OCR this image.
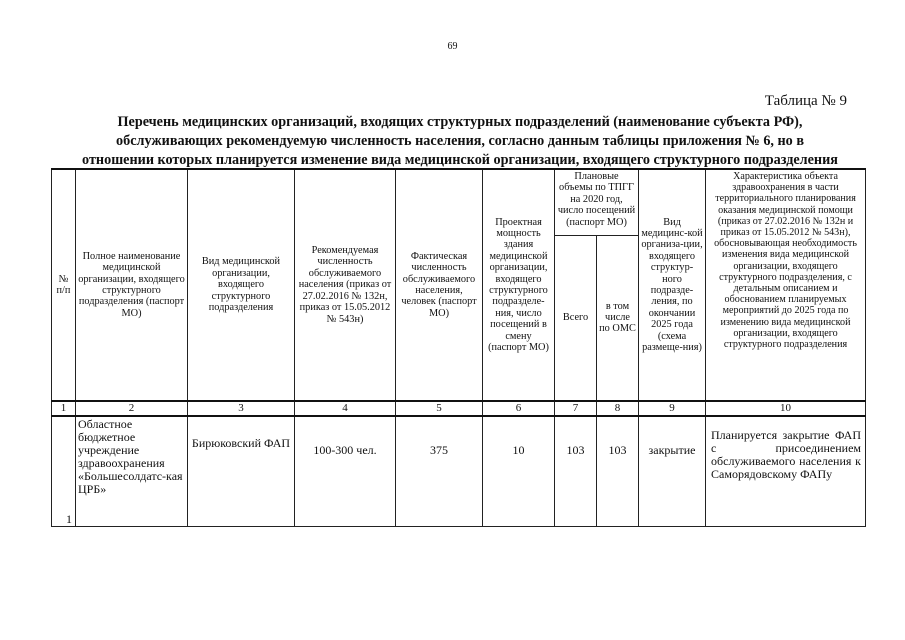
69
Таблица № 9
Перечень медицинских организаций, входящих структурных подразделений (наименование субъекта РФ),
обслуживающих рекомендуемую численность населения, согласно данным таблицы приложения № 6, но в
отношении которых планируется изменение вида медицинской организации, входящего структурного подразделения
№ п/п	Полное наименование медицинской организации, входящего структурного подразделения (паспорт МО)	Вид медицинской организации, входящего структурного подразделения	Рекомендуемая численность обслуживаемого населения (приказ от 27.02.2016 № 132н, приказ от 15.05.2012 № 543н)	Фактическая численность обслуживаемого населения, человек (паспорт МО)	Проектная мощность здания медицинской организации, входящего структурного подразделе-ния, число посещений в смену (паспорт МО)	Плановые объемы по ТПГГ на 2020 год, число посещений (паспорт МО)		Вид медицинс-кой организа-ции, входящего структур-ного подразде-ления, по окончании 2025 года (схема размеще-ния)	Характеристика объекта здравоохранения в части территориального планирования оказания медицинской помощи (приказ от 27.02.2016 № 132н и приказ от 15.05.2012 № 543н), обосновывающая необходимость изменения вида медицинской организации, входящего структурного подразделения, с детальным описанием и обоснованием планируемых мероприятий до 2025 года по изменению вида медицинской организации, входящего структурного подразделения
						Всего	в том числе по ОМС		
1	2	3	4	5	6	7	8	9	10
1	Областное бюджетное учреждение здравоохранения «Большесолдатс-кая ЦРБ»	Бирюковский ФАП	100-300 чел.	375	10	103	103	закрытие	Планируется закрытие ФАП с присоединением обслуживаемого населения к Саморядовскому ФАПу
